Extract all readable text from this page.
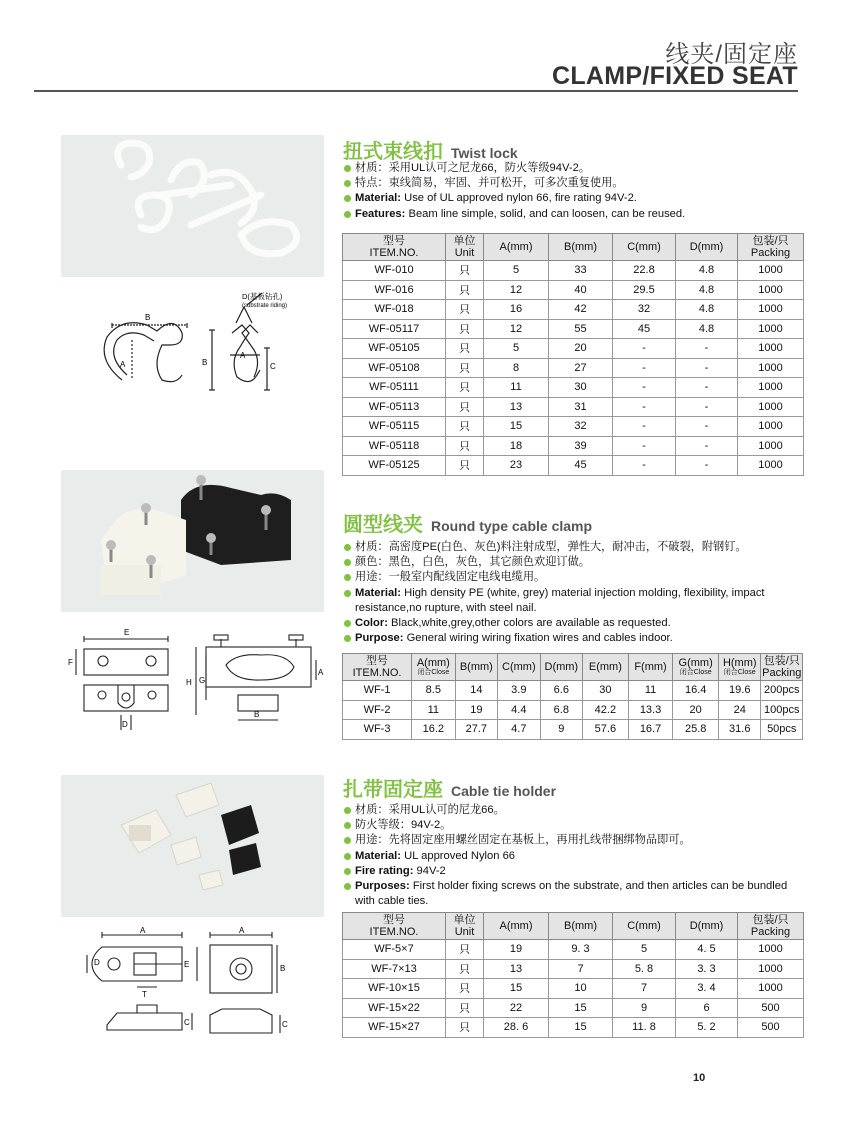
线夹/固定座
CLAMP/FIXED SEAT
扭式束线扣 Twist lock
材质：采用UL认可之尼龙66，防火等级94V-2。
特点：束线简易，牢固、并可松开，可多次重复使用。
Material: Use of UL approved nylon 66, fire rating 94V-2.
Features: Beam line simple, solid, and can loosen, can be reused.
B
A	B
A
C
D(基板钻孔)
(substrate riding)
型号
ITEM.NO.	单位
Unit	A(mm)	B(mm)	C(mm)	D(mm)	包装/只
Packing
WF-010	只	5	33	22.8	4.8	1000
WF-016	只	12	40	29.5	4.8	1000
WF-018	只	16	42	32	4.8	1000
WF-05117	只	12	55	45	4.8	1000
WF-05105	只	5	20	-	-	1000
WF-05108	只	8	27	-	-	1000
WF-05111	只	11	30	-	-	1000
WF-05113	只	13	31	-	-	1000
WF-05115	只	15	32	-	-	1000
WF-05118	只	18	39	-	-	1000
WF-05125	只	23	45	-	-	1000
圆型线夹 Round type cable clamp
材质：高密度PE(白色、灰色)料注射成型，弹性大，耐冲击，不破裂，附钢钉。
颜色：黑色，白色，灰色，其它颜色欢迎订做。
用途：一般室内配线固定电线电缆用。
Material: High density PE (white, grey) material injection molding, flexibility, impact resistance,no rupture, with steel nail.
Color: Black,white,grey,other colors are available as requested.
Purpose: General wiring wiring fixation wires and cables indoor.
E
F
D
H G
A
B
型号
ITEM.NO.	A(mm)
闭合Close	B(mm)	C(mm)	D(mm)	E(mm)	F(mm)	G(mm)
闭合Close	H(mm)
闭合Close	包装/只
Packing
WF-1	8.5	14	3.9	6.6	30	11	16.4	19.6	200pcs
WF-2	11	19	4.4	6.8	42.2	13.3	20	24	100pcs
WF-3	16.2	27.7	4.7	9	57.6	16.7	25.8	31.6	50pcs
扎带固定座 Cable tie holder
材质：采用UL认可的尼龙66。
防火等级：94V-2。
用途：先将固定座用螺丝固定在基板上，再用扎线带捆绑物品即可。
Material: UL approved Nylon 66
Fire rating: 94V-2
Purposes: First holder fixing screws on the substrate, and then articles can be bundled with cable ties.
A
D	E
T
C
A
B
C
型号
ITEM.NO.	单位
Unit	A(mm)	B(mm)	C(mm)	D(mm)	包装/只
Packing
WF-5×7	只	19	9. 3	5	4. 5	1000
WF-7×13	只	13	7	5. 8	3. 3	1000
WF-10×15	只	15	10	7	3. 4	1000
WF-15×22	只	22	15	9	6	500
WF-15×27	只	28. 6	15	11. 8	5. 2	500
10
